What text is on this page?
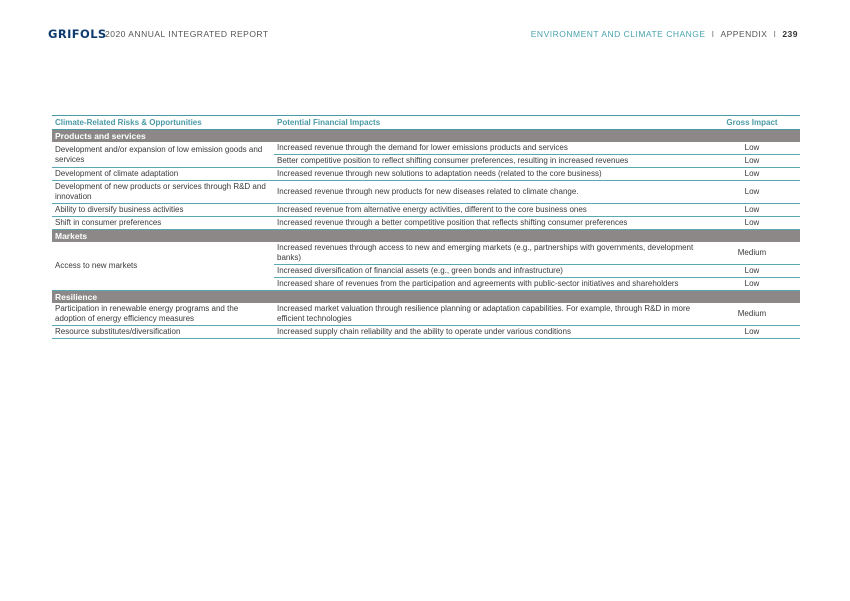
GRIFOLS
2020 ANNUAL INTEGRATED REPORT	ENVIRONMENT AND CLIMATE CHANGE I APPENDIX I 239
Climate-Related Risks & Opportunities	Potential Financial Impacts	Gross Impact
Products and services		
Development and/or expansion of low emission goods and services	Increased revenue through the demand for lower emissions products and services	Low
	Better competitive position to reflect shifting consumer preferences, resulting in increased revenues	Low
Development of climate adaptation	Increased revenue through new solutions to adaptation needs (related to the core business)	Low
Development of new products or services through R&D and innovation	Increased revenue through new products for new diseases related to climate change.	Low
Ability to diversify business activities	Increased revenue from alternative energy activities, different to the core business ones	Low
Shift in consumer preferences	Increased revenue through a better competitive position that reflects shifting consumer preferences	Low
Markets		
Access to new markets	Increased revenues through access to new and emerging markets (e.g., partnerships with governments, development banks)	Medium
	Increased diversification of financial assets (e.g., green bonds and infrastructure)	Low
	Increased share of revenues from the participation and agreements with public-sector initiatives and shareholders	Low
Resilience		
Participation in renewable energy programs and the adoption of energy efficiency measures	Increased market valuation through resilience planning or adaptation capabilities. For example, through R&D in more efficient technologies	Medium
Resource substitutes/diversification	Increased supply chain reliability and the ability to operate under various conditions	Low
